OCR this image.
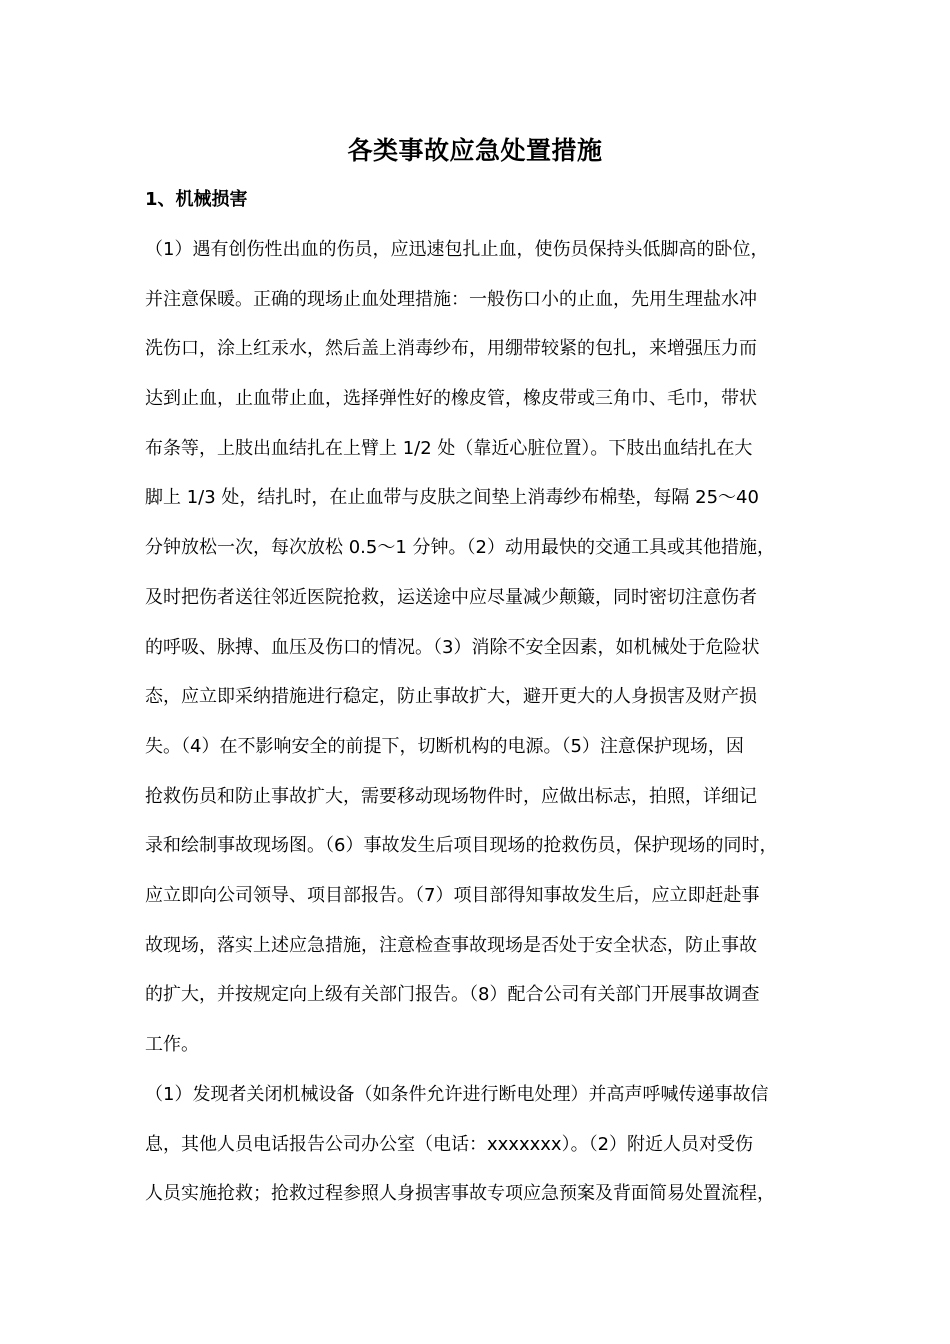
各类事故应急处置措施
1、机械损害
（1）遇有创伤性出血的伤员，应迅速包扎止血，使伤员保持头低脚高的卧位，
并注意保暖。正确的现场止血处理措施：一般伤口小的止血，先用生理盐水冲
洗伤口，涂上红汞水，然后盖上消毒纱布，用绷带较紧的包扎，来增强压力而
达到止血，止血带止血，选择弹性好的橡皮管，橡皮带或三角巾、毛巾，带状
布条等，上肢出血结扎在上臂上 1/2 处（靠近心脏位置）。下肢出血结扎在大
脚上 1/3 处，结扎时，在止血带与皮肤之间垫上消毒纱布棉垫，每隔 25～40
分钟放松一次，每次放松 0.5～1 分钟。（2）动用最快的交通工具或其他措施，
及时把伤者送往邻近医院抢救，运送途中应尽量减少颠簸，同时密切注意伤者
的呼吸、脉搏、血压及伤口的情况。（3）消除不安全因素，如机械处于危险状
态，应立即采纳措施进行稳定，防止事故扩大，避开更大的人身损害及财产损
失。（4）在不影响安全的前提下，切断机构的电源。（5）注意保护现场，因
抢救伤员和防止事故扩大，需要移动现场物件时，应做出标志，拍照，详细记
录和绘制事故现场图。（6）事故发生后项目现场的抢救伤员，保护现场的同时，
应立即向公司领导、项目部报告。（7）项目部得知事故发生后，应立即赶赴事
故现场，落实上述应急措施，注意检查事故现场是否处于安全状态，防止事故
的扩大，并按规定向上级有关部门报告。（8）配合公司有关部门开展事故调查
工作。
（1）发现者关闭机械设备（如条件允许进行断电处理）并高声呼喊传递事故信
息，其他人员电话报告公司办公室（电话：xxxxxxx）。（2）附近人员对受伤
人员实施抢救；抢救过程参照人身损害事故专项应急预案及背面简易处置流程，
